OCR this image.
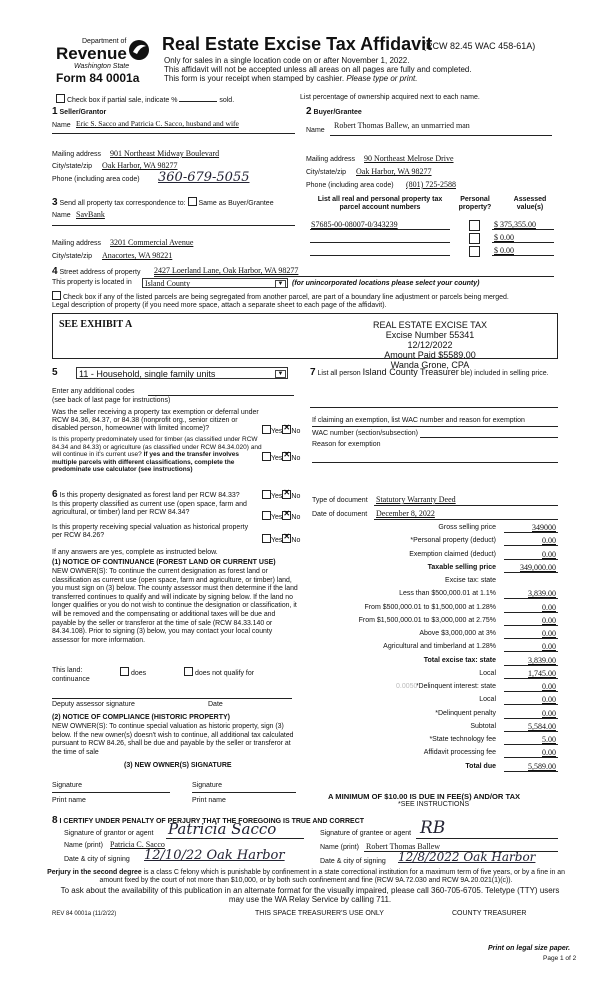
Department of
Revenue
Washington State
Form 84 0001a
Real Estate Excise Tax Affidavit
(RCW 82.45 WAC 458-61A)
Only for sales in a single location code on or after November 1, 2022.
This affidavit will not be accepted unless all areas on all pages are fully and completed.
This form is your receipt when stamped by cashier. Please type or print.
Check box if partial sale, indicate %	sold.	List percentage of ownership acquired next to each name.
1 Seller/Grantor
Name Eric S. Sacco and Patricia C. Sacco, husband and wife
Mailing address 901 Northeast Midway Boulevard
City/state/zip Oak Harbor, WA 98277
Phone (including area code) 360-679-5055
2 Buyer/Grantee
Robert Thomas Ballew, an unmarried man
Name
Mailing address 90 Northeast Melrose Drive
City/state/zip Oak Harbor, WA 98277
Phone (including area code) (801) 725-2588
3 Send all property tax correspondence to: Same as Buyer/Grantee
Name SavBank
Mailing address 3201 Commercial Avenue
City/state/zip Anacortes, WA 98221
List all real and personal property tax parcel account numbers
Personal property?
Assessed value(s)
S7685-00-08007-0/343239	$ 375,355.00
$ 0.00
$ 0.00
4 Street address of property 2427 Loerland Lane, Oak Harbor, WA 98277
This property is located in	Island County	▼	(for unincorporated locations please select your county)
Check box if any of the listed parcels are being segregated from another parcel, are part of a boundary line adjustment or parcels being merged.
Legal description of property (if you need more space, attach a separate sheet to each page of the affidavit).
SEE EXHIBIT A	REAL ESTATE EXCISE TAX
Excise Number 55341
12/12/2022
Amount Paid $5589.00
Wanda Grone, CPA
5	11 - Household, single family units	▼
Enter any additional codes
(see back of last page for instructions)
Was the seller receiving a property tax exemption or deferral under RCW 84.36, 84.37, or 84.38 (nonprofit org., senior citizen or disabled person, homeowner with limited income)?	Yes ✕ No
Is this property predominately used for timber (as classified under RCW 84.34 and 84.33) or agriculture (as classified under RCW 84.34.020) and will continue in it's current use? If yes and the transfer involves multiple parcels with different classifications, complete the predominate use calculator (see instructions)
Yes ✕ No
7 List all person Island County Treasurer ble) included in selling price.
If claiming an exemption, list WAC number and reason for exemption
WAC number (section/subsection)
Reason for exemption
6 Is this property designated as forest land per RCW 84.33?	Yes ✕ No
Is this property classified as current use (open space, farm and agricultural, or timber) land per RCW 84.34?
Yes ✕ No
Is this property receiving special valuation as historical property per RCW 84.26?
Yes ✕ No
If any answers are yes, complete as instructed below.
(1) NOTICE OF CONTINUANCE (FOREST LAND OR CURRENT USE)
NEW OWNER(S): To continue the current designation as forest land or classification as current use (open space, farm and agriculture, or timber) land, you must sign on (3) below. The county assessor must then determine if the land transferred continues to qualify and will indicate by signing below. If the land no longer qualifies or you do not wish to continue the designation or classification, it will be removed and the compensating or additional taxes will be due and payable by the seller or transferor at the time of sale (RCW 84.33.140 or 84.34.108). Prior to signing (3) below, you may contact your local county assessor for more information.
This land:
continuance
does	does not qualify for
Deputy assessor signature	Date
(2) NOTICE OF COMPLIANCE (HISTORIC PROPERTY)
NEW OWNER(S): To continue special valuation as historic property, sign (3) below. If the new owner(s) doesn't wish to continue, all additional tax calculated pursuant to RCW 84.26, shall be due and payable by the seller or transferor at the time of sale
(3) NEW OWNER(S) SIGNATURE
Signature	Signature
Print name	Print name
Type of document Statutory Warranty Deed
Date of document December 8, 2022
Gross selling price	349000
*Personal property (deduct)	0.00
Exemption claimed (deduct)	0.00
Taxable selling price	349,000.00
Excise tax: state
Less than $500,000.01 at 1.1%	3,839.00
From $500,000.01 to $1,500,000 at 1.28%	0.00
From $1,500,000.01 to $3,000,000 at 2.75%	0.00
Above $3,000,000 at 3%	0.00
Agricultural and timberland at 1.28%	0.00
Total excise tax: state	3,839.00
Local	1,745.00
*Delinquent interest: state	0.00
Local	0.00
*Delinquent penalty	0.00
Subtotal	5,584.00
*State technology fee	5.00
Affidavit processing fee	0.00
Total due	5,589.00
0.0050
A MINIMUM OF $10.00 IS DUE IN FEE(S) AND/OR TAX
*SEE INSTRUCTIONS
8 I CERTIFY UNDER PENALTY OF PERJURY THAT THE FOREGOING IS TRUE AND CORRECT
Signature of grantor or agent Patricia Sacco
Name (print) Patricia C. Sacco
Date & city of signing 12/10/22 Oak Harbor
Signature of grantee or agent RB
Name (print) Robert Thomas Ballew
Date & city of signing 12/8/2022 Oak Harbor
Perjury in the second degree is a class C felony which is punishable by confinement in a state correctional institution for a maximum term of five years, or by a fine in an amount fixed by the court of not more than $10,000, or by both such confinement and fine (RCW 9A.72.030 and RCW 9A.20.021(1)(c)).
To ask about the availability of this publication in an alternate format for the visually impaired, please call 360-705-6705. Teletype (TTY) users may use the WA Relay Service by calling 711.
REV 84 0001a (11/2/22)	THIS SPACE TREASURER'S USE ONLY	COUNTY TREASURER
Print on legal size paper.
Page 1 of 2
